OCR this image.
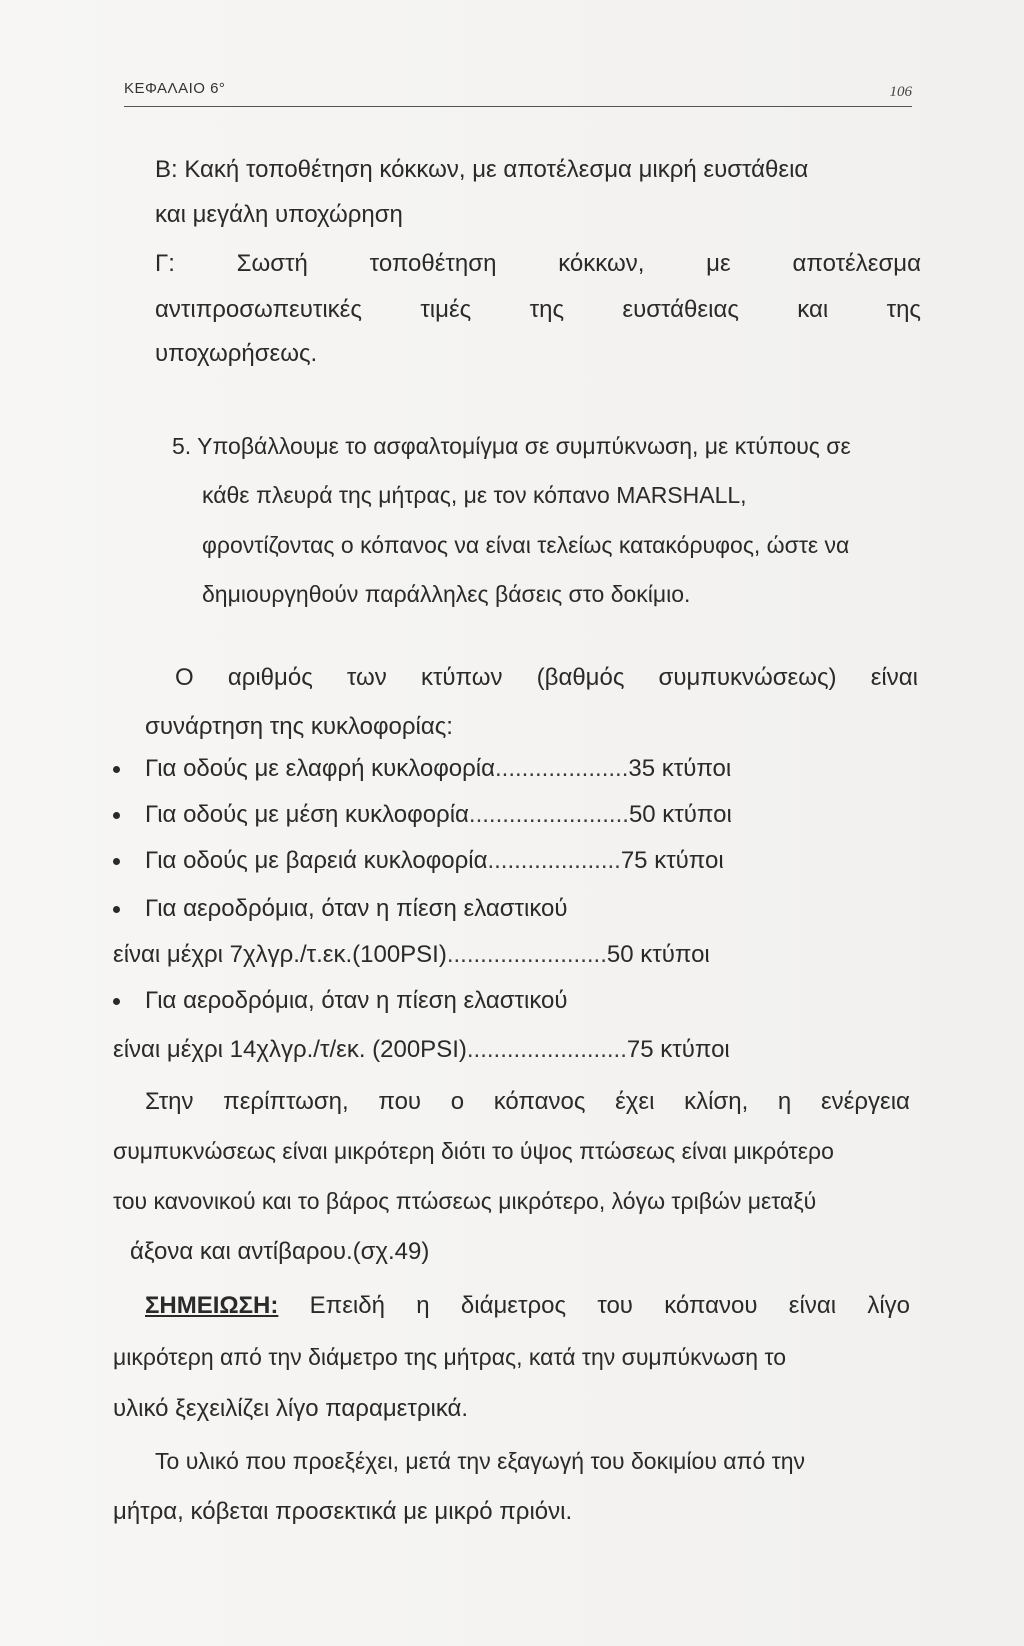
ΚΕΦΑΛΑΙΟ 6°	106
Β: Κακή τοποθέτηση κόκκων, με αποτέλεσμα μικρή ευστάθεια
και μεγάλη υποχώρηση
Γ:	Σωστή	τοποθέτηση	κόκκων,	με	αποτέλεσμα
αντιπροσωπευτικές τιμές της ευστάθειας και της
υποχωρήσεως.
5. Υποβάλλουμε το ασφαλτομίγμα σε συμπύκνωση, με κτύπους σε
κάθε πλευρά της μήτρας, με τον κόπανο MARSHALL,
φροντίζοντας ο κόπανος να είναι τελείως κατακόρυφος, ώστε να
δημιουργηθούν παράλληλες βάσεις στο δοκίμιο.
Ο αριθμός των κτύπων (βαθμός συμπυκνώσεως) είναι
συνάρτηση της κυκλοφορίας:
Για οδούς με ελαφρή κυκλοφορία....................35 κτύποι
Για οδούς με μέση κυκλοφορία........................50 κτύποι
Για οδούς με βαρειά κυκλοφορία....................75 κτύποι
Για αεροδρόμια, όταν η πίεση ελαστικού
είναι μέχρι 7χλγρ./τ.εκ.(100PSI)........................50 κτύποι
Για αεροδρόμια, όταν η πίεση ελαστικού
είναι μέχρι 14χλγρ./τ/εκ. (200PSI)........................75 κτύποι
Στην περίπτωση, που ο κόπανος έχει κλίση, η ενέργεια
συμπυκνώσεως είναι μικρότερη διότι το ύψος πτώσεως είναι μικρότερο
του κανονικού και το βάρος πτώσεως μικρότερο, λόγω τριβών μεταξύ
άξονα και αντίβαρου.(σχ.49)
ΣΗΜΕΙΩΣΗ: Επειδή η διάμετρος του κόπανου είναι λίγο
μικρότερη από την διάμετρο της μήτρας, κατά την συμπύκνωση το
υλικό ξεχειλίζει λίγο παραμετρικά.
Το υλικό που προεξέχει, μετά την εξαγωγή του δοκιμίου από την
μήτρα, κόβεται προσεκτικά με μικρό πριόνι.
